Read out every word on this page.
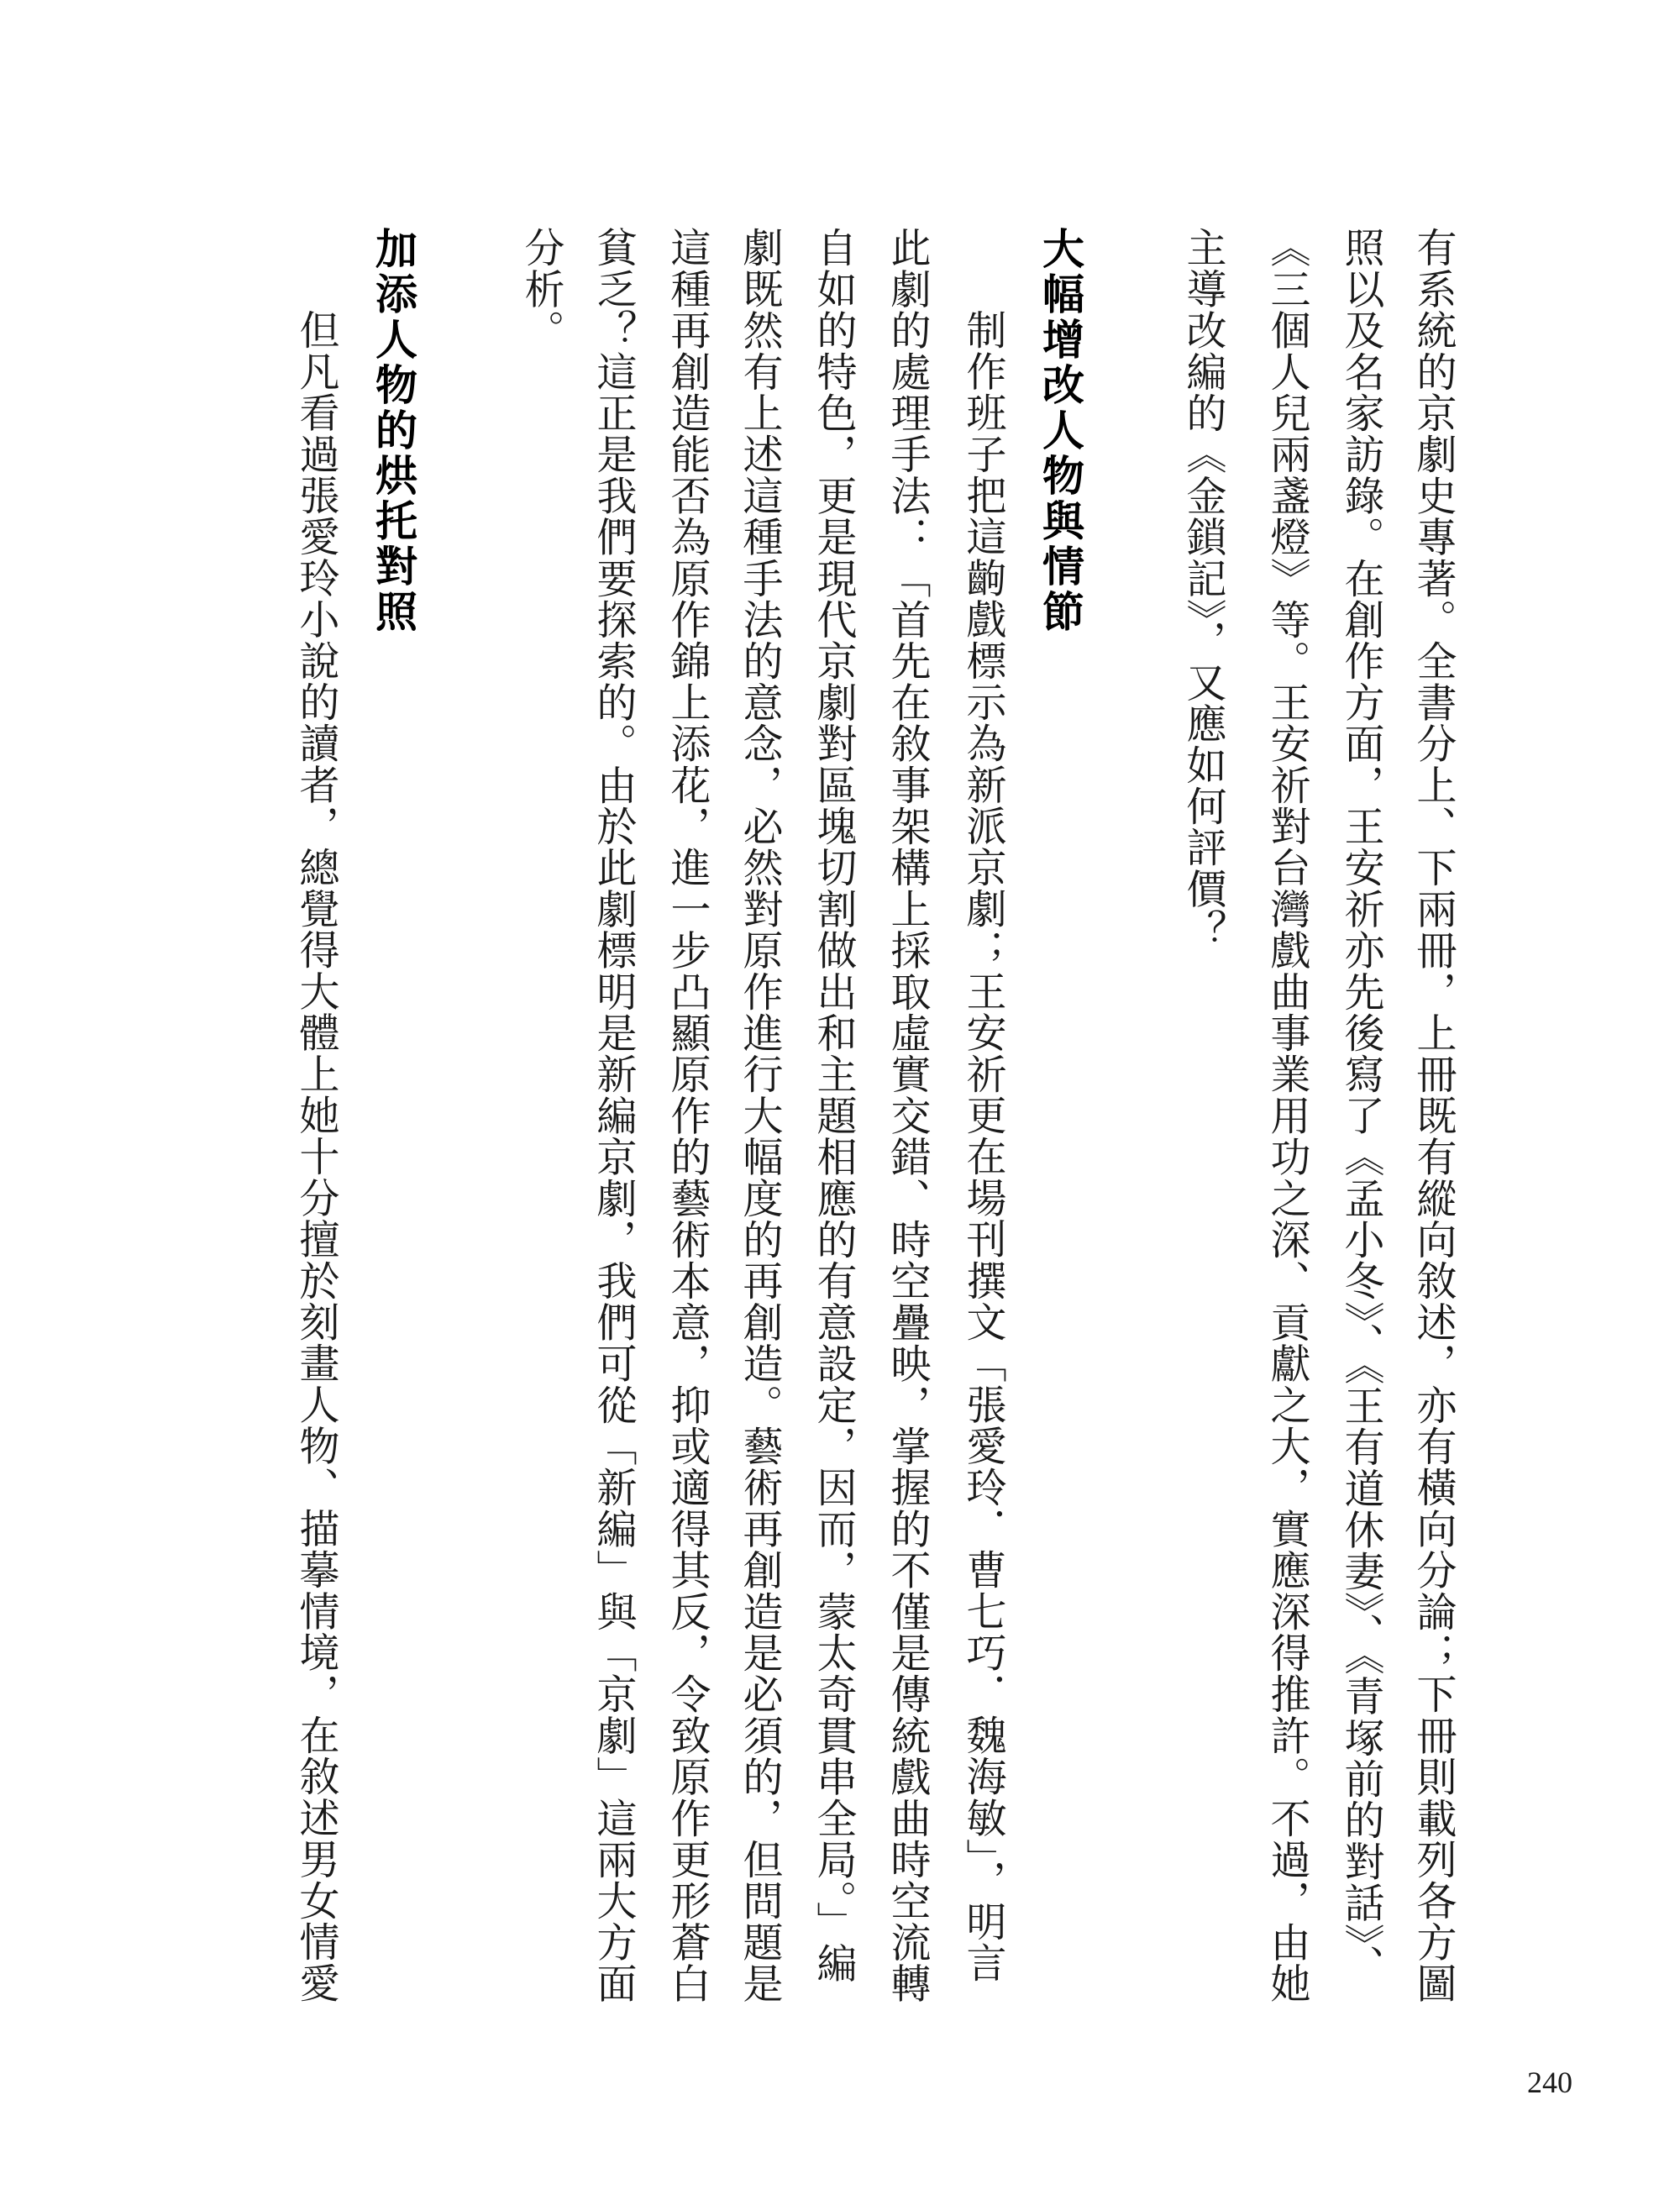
有系統的京劇史專著。全書分上、下兩冊，上冊既有縱向敘述，亦有橫向分論；下冊則載列各方圖
照以及名家訪錄。在創作方面，王安祈亦先後寫了《孟小冬》、《王有道休妻》、《青塚前的對話》、
《三個人兒兩盞燈》等。王安祈對台灣戲曲事業用功之深、貢獻之大，實應深得推許。不過，由她
主導改編的《金鎖記》，又應如何評價？
大幅增改人物與情節
制作班子把這齣戲標示為新派京劇；王安祈更在場刊撰文「張愛玲．曹七巧．魏海敏」，明言
此劇的處理手法：「首先在敘事架構上採取虛實交錯、時空疊映，掌握的不僅是傳統戲曲時空流轉
自如的特色，更是現代京劇對區塊切割做出和主題相應的有意設定，因而，蒙太奇貫串全局。」編
劇既然有上述這種手法的意念，必然對原作進行大幅度的再創造。藝術再創造是必須的，但問題是
這種再創造能否為原作錦上添花，進一步凸顯原作的藝術本意，抑或適得其反，令致原作更形蒼白
貧乏？這正是我們要探索的。由於此劇標明是新編京劇，我們可從「新編」與「京劇」這兩大方面
分析。
加添人物的烘托對照
但凡看過張愛玲小說的讀者，總覺得大體上她十分擅於刻畫人物、描摹情境，在敘述男女情愛
240
